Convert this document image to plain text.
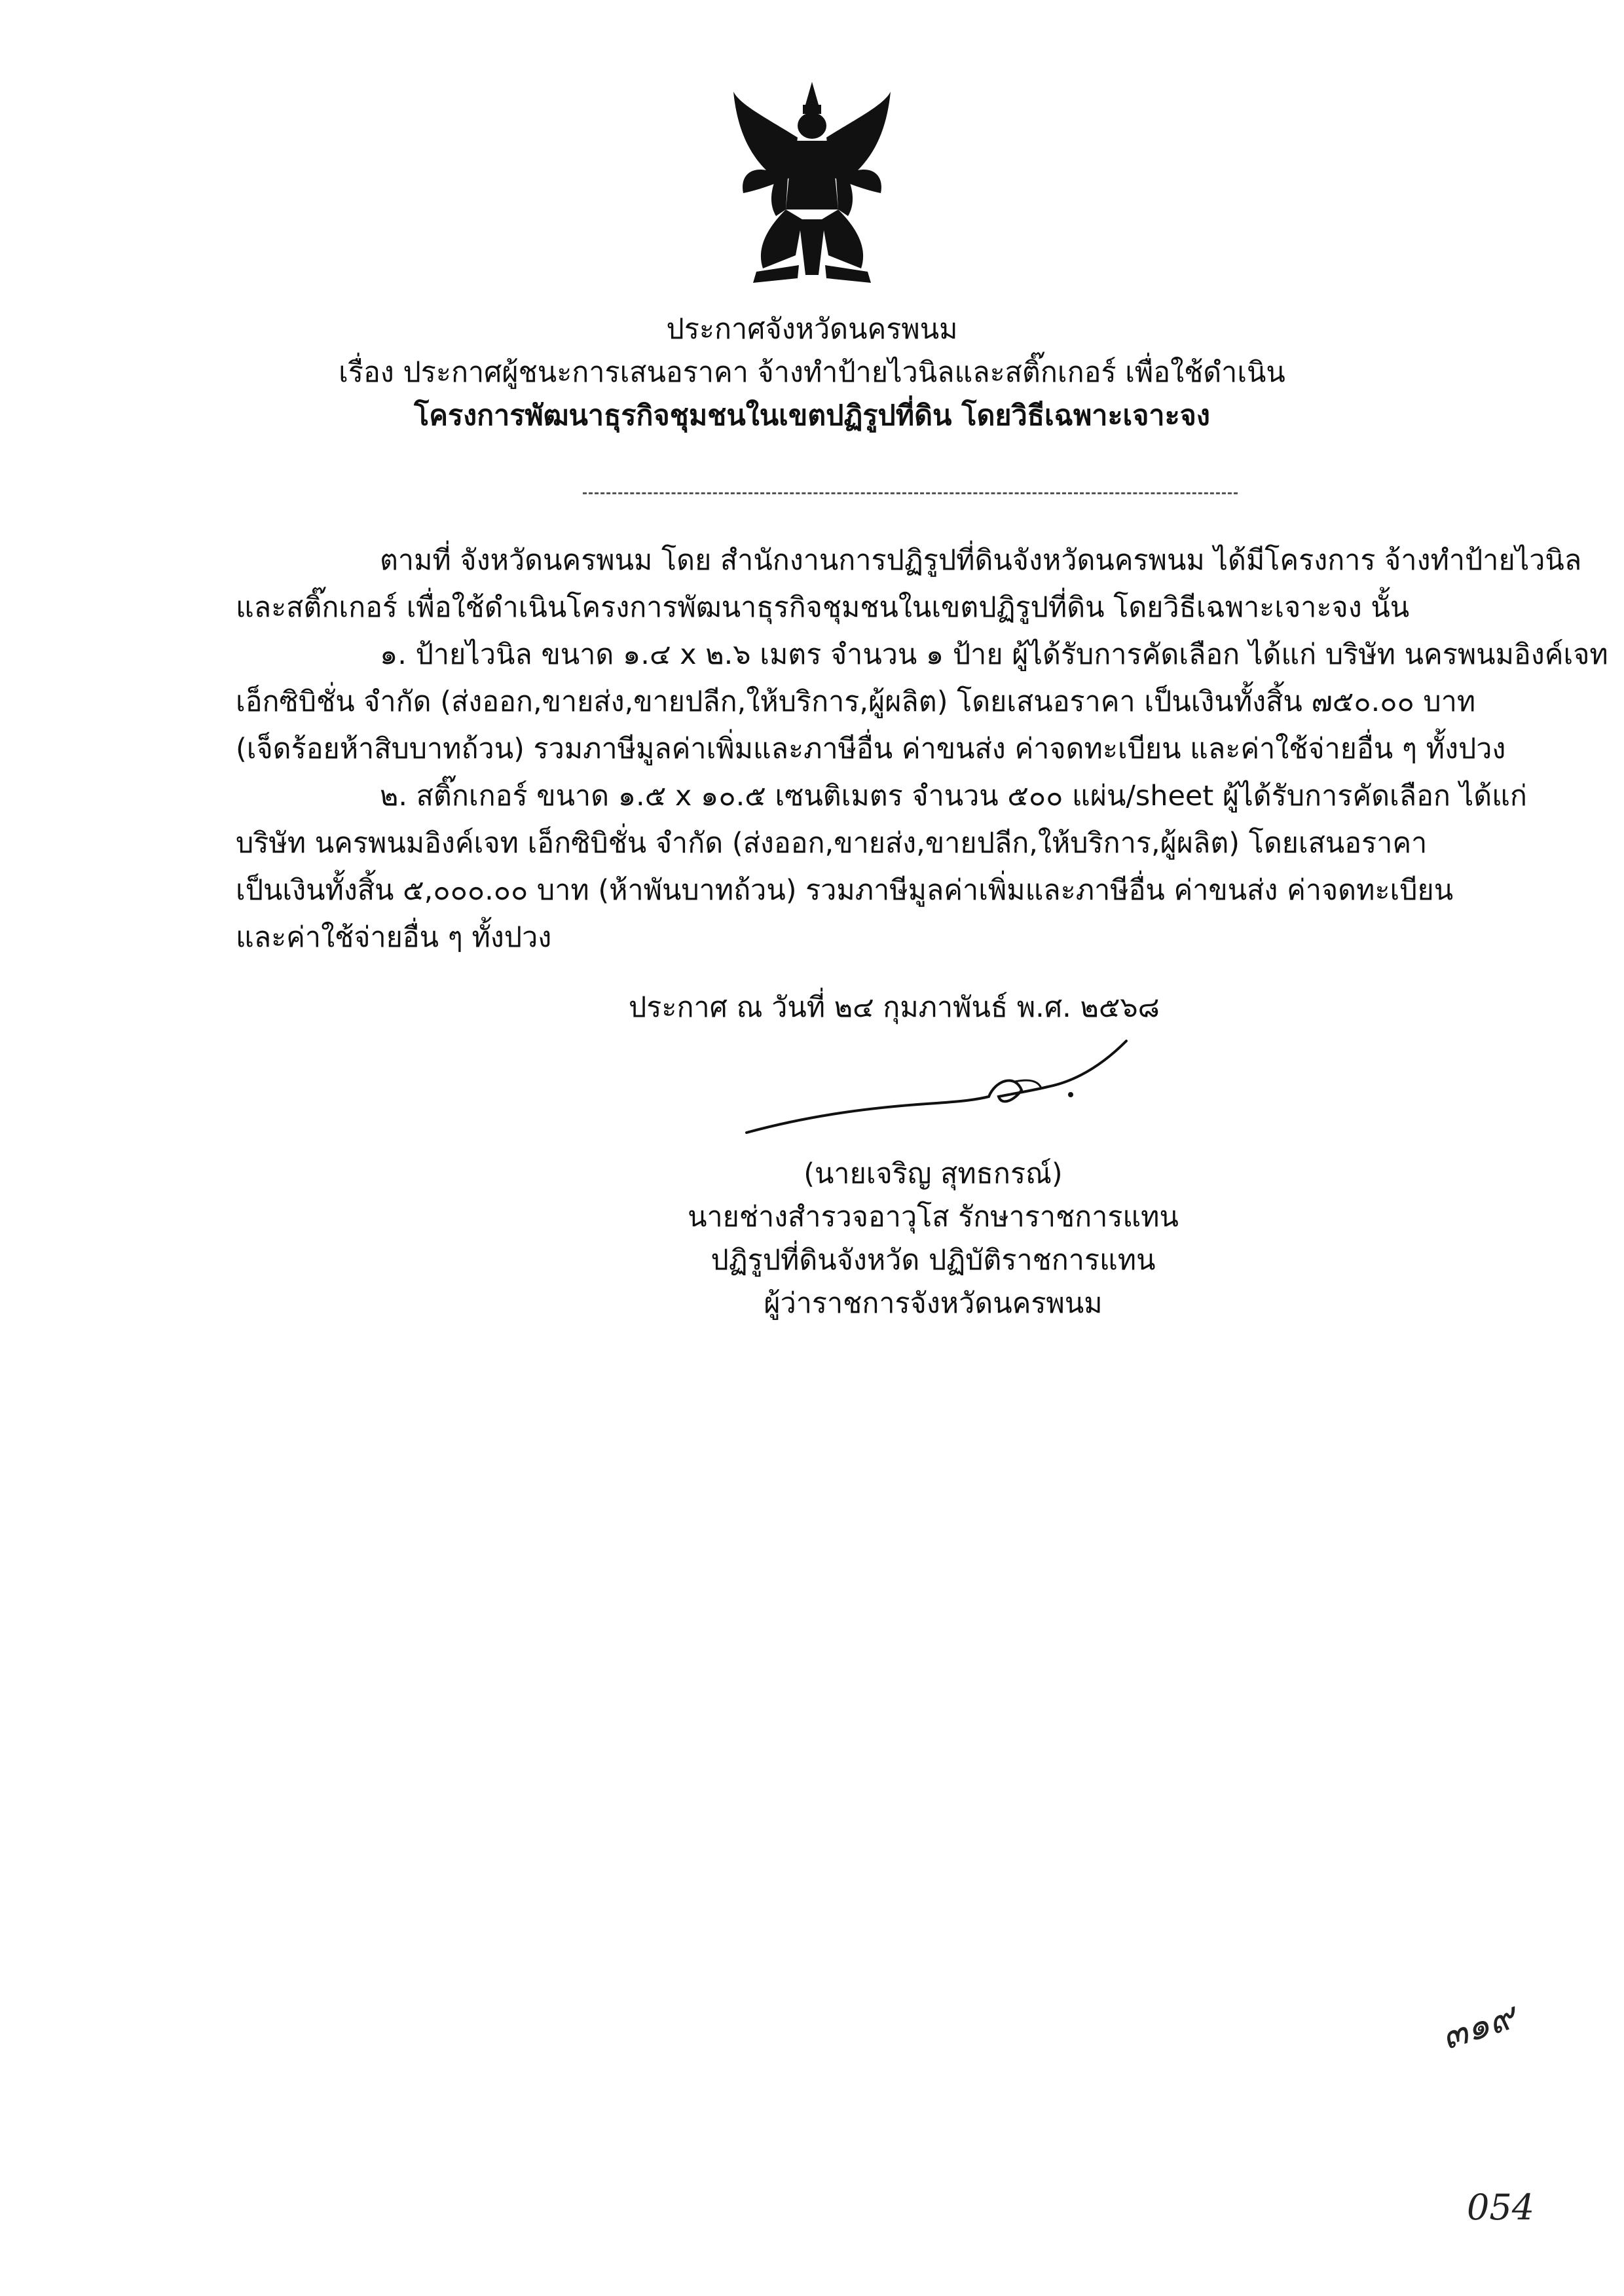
ประกาศจังหวัดนครพนม
เรื่อง ประกาศผู้ชนะการเสนอราคา จ้างทำป้ายไวนิลและสติ๊กเกอร์ เพื่อใช้ดำเนิน
โครงการพัฒนาธุรกิจชุมชนในเขตปฏิรูปที่ดิน โดยวิธีเฉพาะเจาะจง
ตามที่ จังหวัดนครพนม โดย สำนักงานการปฏิรูปที่ดินจังหวัดนครพนม ได้มีโครงการ จ้างทำป้ายไวนิล
และสติ๊กเกอร์ เพื่อใช้ดำเนินโครงการพัฒนาธุรกิจชุมชนในเขตปฏิรูปที่ดิน โดยวิธีเฉพาะเจาะจง นั้น
๑. ป้ายไวนิล ขนาด ๑.๔ x ๒.๖ เมตร จำนวน ๑ ป้าย ผู้ได้รับการคัดเลือก ได้แก่ บริษัท นครพนมอิงค์เจท
เอ็กซิบิชั่น จำกัด (ส่งออก,ขายส่ง,ขายปลีก,ให้บริการ,ผู้ผลิต) โดยเสนอราคา เป็นเงินทั้งสิ้น ๗๕๐.๐๐ บาท
(เจ็ดร้อยห้าสิบบาทถ้วน) รวมภาษีมูลค่าเพิ่มและภาษีอื่น ค่าขนส่ง ค่าจดทะเบียน และค่าใช้จ่ายอื่น ๆ ทั้งปวง
๒. สติ๊กเกอร์ ขนาด ๑.๕ x ๑๐.๕ เซนติเมตร จำนวน ๕๐๐ แผ่น/sheet ผู้ได้รับการคัดเลือก ได้แก่
บริษัท นครพนมอิงค์เจท เอ็กซิบิชั่น จำกัด (ส่งออก,ขายส่ง,ขายปลีก,ให้บริการ,ผู้ผลิต) โดยเสนอราคา
เป็นเงินทั้งสิ้น ๕,๐๐๐.๐๐ บาท (ห้าพันบาทถ้วน) รวมภาษีมูลค่าเพิ่มและภาษีอื่น ค่าขนส่ง ค่าจดทะเบียน
และค่าใช้จ่ายอื่น ๆ ทั้งปวง
ประกาศ ณ วันที่ ๒๔ กุมภาพันธ์ พ.ศ. ๒๕๖๘
(นายเจริญ สุทธกรณ์)
นายช่างสำรวจอาวุโส รักษาราชการแทน
ปฏิรูปที่ดินจังหวัด ปฏิบัติราชการแทน
ผู้ว่าราชการจังหวัดนครพนม
๓๑๙
054
